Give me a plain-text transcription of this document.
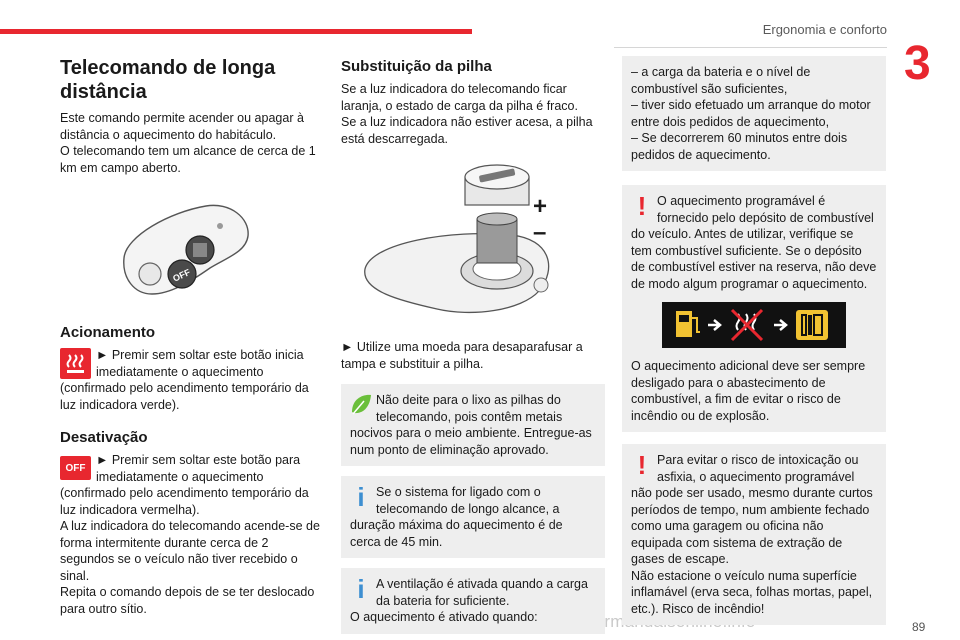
Ergonomia e conforto
3
89
Telecomando de longa distância

Este comando permite acender ou apagar à distância o aquecimento do habitáculo.
O telecomando tem um alcance de cerca de 1 km em campo aberto.

OFF
Acionamento

► Premir sem soltar este botão inicia imediatamente o aquecimento (confirmado pelo acendimento temporário da luz indicadora verde).

Desativação
OFF

► Premir sem soltar este botão para imediatamente o aquecimento (confirmado pelo acendimento temporário da luz indicadora vermelha).

A luz indicadora do telecomando acende-se de forma intermitente durante cerca de 2 segundos se o veículo não tiver recebido o sinal.
Repita o comando depois de se ter deslocado para outro sítio.

Substituição da pilha

Se a luz indicadora do telecomando ficar laranja, o estado de carga da pilha é fraco.
Se a luz indicadora não estiver acesa, a pilha está descarregada.

+
–

► Utilize uma moeda para desaparafusar a tampa e substituir a pilha.

Não deite para o lixo as pilhas do telecomando, pois contêm metais nocivos para o meio ambiente. Entregue-as num ponto de eliminação aprovado.

i Se o sistema for ligado com o telecomando de longo alcance, a duração máxima do aquecimento é de cerca de 45 min.

i A ventilação é ativada quando a carga da bateria for suficiente.
O aquecimento é ativado quando:

– a carga da bateria e o nível de combustível são suficientes,
– tiver sido efetuado um arranque do motor entre dois pedidos de aquecimento,
– Se decorrerem 60 minutos entre dois pedidos de aquecimento.

! O aquecimento programável é fornecido pelo depósito de combustível do veículo. Antes de utilizar, verifique se tem combustível suficiente. Se o depósito de combustível estiver na reserva, não deve de modo algum programar o aquecimento.

O aquecimento adicional deve ser sempre desligado para o abastecimento de combustível, a fim de evitar o risco de incêndio ou de explosão.

! Para evitar o risco de intoxicação ou asfixia, o aquecimento programável não pode ser usado, mesmo durante curtos períodos de tempo, num ambiente fechado como uma garagem ou oficina não equipada com sistema de extração de gases de escape.
Não estacione o veículo numa superfície inflamável (erva seca, folhas mortas, papel, etc.). Risco de incêndio!
